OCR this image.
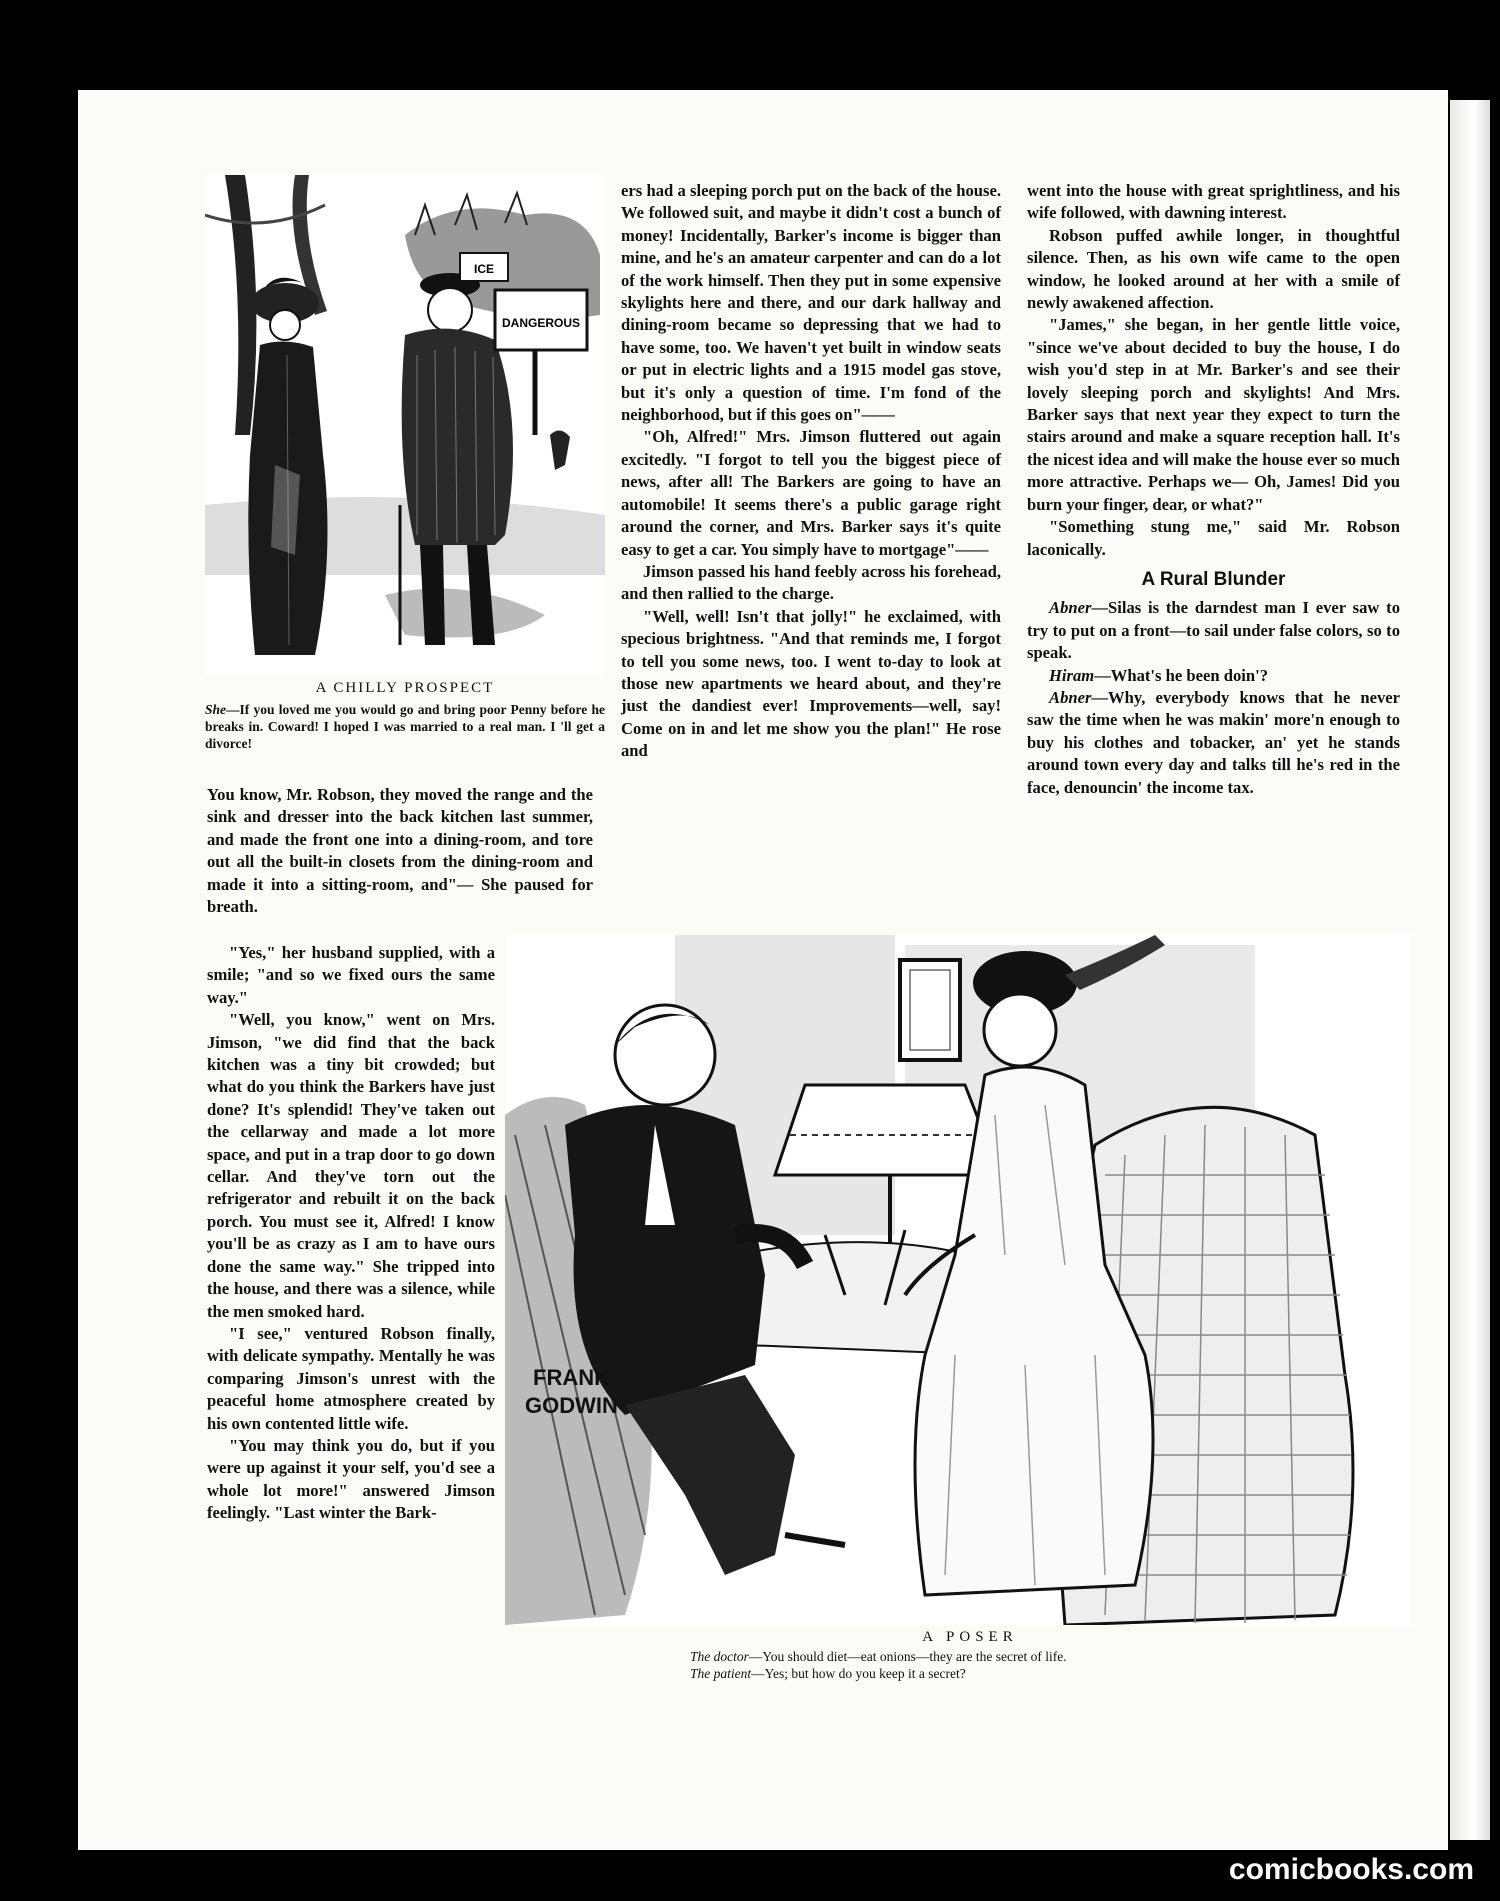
ICE
DANGEROUS
A CHILLY PROSPECT
She—If you loved me you would go and bring poor Penny before he breaks in. Coward! I hoped I was married to a real man. I 'll get a divorce!

You know, Mr. Robson, they moved the range and the sink and dresser into the back kitchen last summer, and made the front one into a dining-room, and tore out all the built-in closets from the dining-room and made it into a sitting-room, and"— She paused for breath.

"Yes," her husband supplied, with a smile; "and so we fixed ours the same way."

"Well, you know," went on Mrs. Jimson, "we did find that the back kitchen was a tiny bit crowded; but what do you think the Barkers have just done? It's splendid! They've taken out the cellarway and made a lot more space, and put in a trap door to go down cellar. And they've torn out the refrigerator and rebuilt it on the back porch. You must see it, Alfred! I know you'll be as crazy as I am to have ours done the same way." She tripped into the house, and there was a silence, while the men smoked hard.

"I see," ventured Robson finally, with delicate sympathy. Mentally he was comparing Jimson's unrest with the peaceful home atmosphere created by his own contented little wife.

"You may think you do, but if you were up against it your self, you'd see a whole lot more!" answered Jimson feelingly. "Last winter the Bark-

ers had a sleeping porch put on the back of the house. We followed suit, and maybe it didn't cost a bunch of money! Incidentally, Barker's income is bigger than mine, and he's an amateur carpenter and can do a lot of the work himself. Then they put in some expensive skylights here and there, and our dark hallway and dining-room became so depressing that we had to have some, too. We haven't yet built in window seats or put in electric lights and a 1915 model gas stove, but it's only a question of time. I'm fond of the neighborhood, but if this goes on"——

"Oh, Alfred!" Mrs. Jimson fluttered out again excitedly. "I forgot to tell you the biggest piece of news, after all! The Barkers are going to have an automobile! It seems there's a public garage right around the corner, and Mrs. Barker says it's quite easy to get a car. You simply have to mortgage"——

Jimson passed his hand feebly across his forehead, and then rallied to the charge.

"Well, well! Isn't that jolly!" he exclaimed, with specious brightness. "And that reminds me, I forgot to tell you some news, too. I went to-day to look at those new apartments we heard about, and they're just the dandiest ever! Improvements—well, say! Come on in and let me show you the plan!" He rose and

went into the house with great sprightliness, and his wife followed, with dawning interest.

Robson puffed awhile longer, in thoughtful silence. Then, as his own wife came to the open window, he looked around at her with a smile of newly awakened affection.

"James," she began, in her gentle little voice, "since we've about decided to buy the house, I do wish you'd step in at Mr. Barker's and see their lovely sleeping porch and skylights! And Mrs. Barker says that next year they expect to turn the stairs around and make a square reception hall. It's the nicest idea and will make the house ever so much more attractive. Perhaps we— Oh, James! Did you burn your finger, dear, or what?"

"Something stung me," said Mr. Robson laconically.

A Rural Blunder

Abner—Silas is the darndest man I ever saw to try to put on a front—to sail under false colors, so to speak.

Hiram—What's he been doin'?

Abner—Why, everybody knows that he never saw the time when he was makin' more'n enough to buy his clothes and tobacker, an' yet he stands around town every day and talks till he's red in the face, denouncin' the income tax.

FRANK
GODWIN
A POSER
The doctor—You should diet—eat onions—they are the secret of life.
The patient—Yes; but how do you keep it a secret?
comicbooks.com
